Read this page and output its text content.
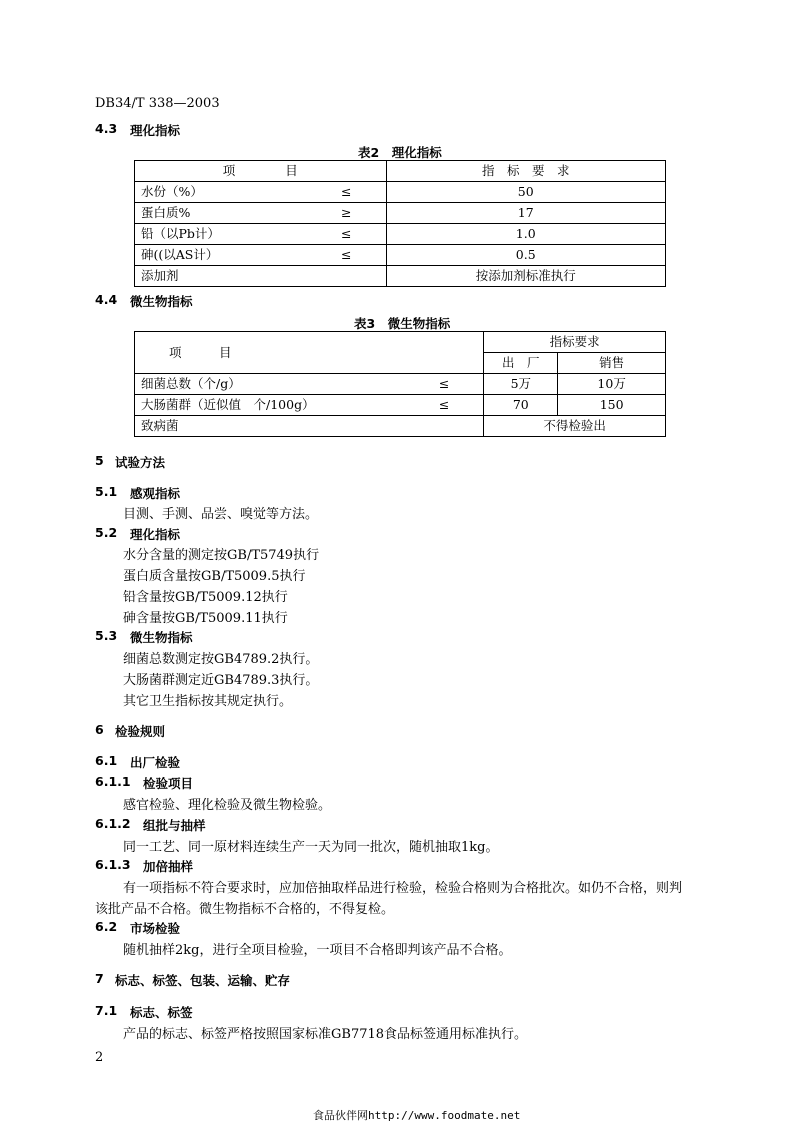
DB34/T 338—2003
4.3 理化指标
表2　理化指标
项　　　　目	指　标　要　求
水份（%） ≤	50
蛋白质% ≥	17
铅（以Pb计） ≤	1.0
砷((以AS计） ≤	0.5
添加剂	按添加剂标准执行
4.4 微生物指标
表3　微生物指标
项　　　目	指标要求	
	出　厂	销售
细菌总数（个/g） ≤	5万	10万
大肠菌群（近似值　个/100g） ≤	70	150
致病菌	不得检验出	
5 试验方法
5.1 感观指标
目测、手测、品尝、嗅觉等方法。
5.2 理化指标
水分含量的测定按GB/T5749执行
蛋白质含量按GB/T5009.5执行
铅含量按GB/T5009.12执行
砷含量按GB/T5009.11执行
5.3 微生物指标
细菌总数测定按GB4789.2执行。
大肠菌群测定近GB4789.3执行。
其它卫生指标按其规定执行。
6 检验规则
6.1 出厂检验
6.1.1 检验项目
感官检验、理化检验及微生物检验。
6.1.2 组批与抽样
同一工艺、同一原材料连续生产一天为同一批次，随机抽取1kg。
6.1.3 加倍抽样
有一项指标不符合要求时，应加倍抽取样品进行检验，检验合格则为合格批次。如仍不合格，则判
该批产品不合格。微生物指标不合格的，不得复检。
6.2 市场检验
随机抽样2kg，进行全项目检验，一项目不合格即判该产品不合格。
7 标志、标签、包装、运输、贮存
7.1 标志、标签
产品的标志、标签严格按照国家标准GB7718食品标签通用标准执行。
2
食品伙伴网http://www.foodmate.net
